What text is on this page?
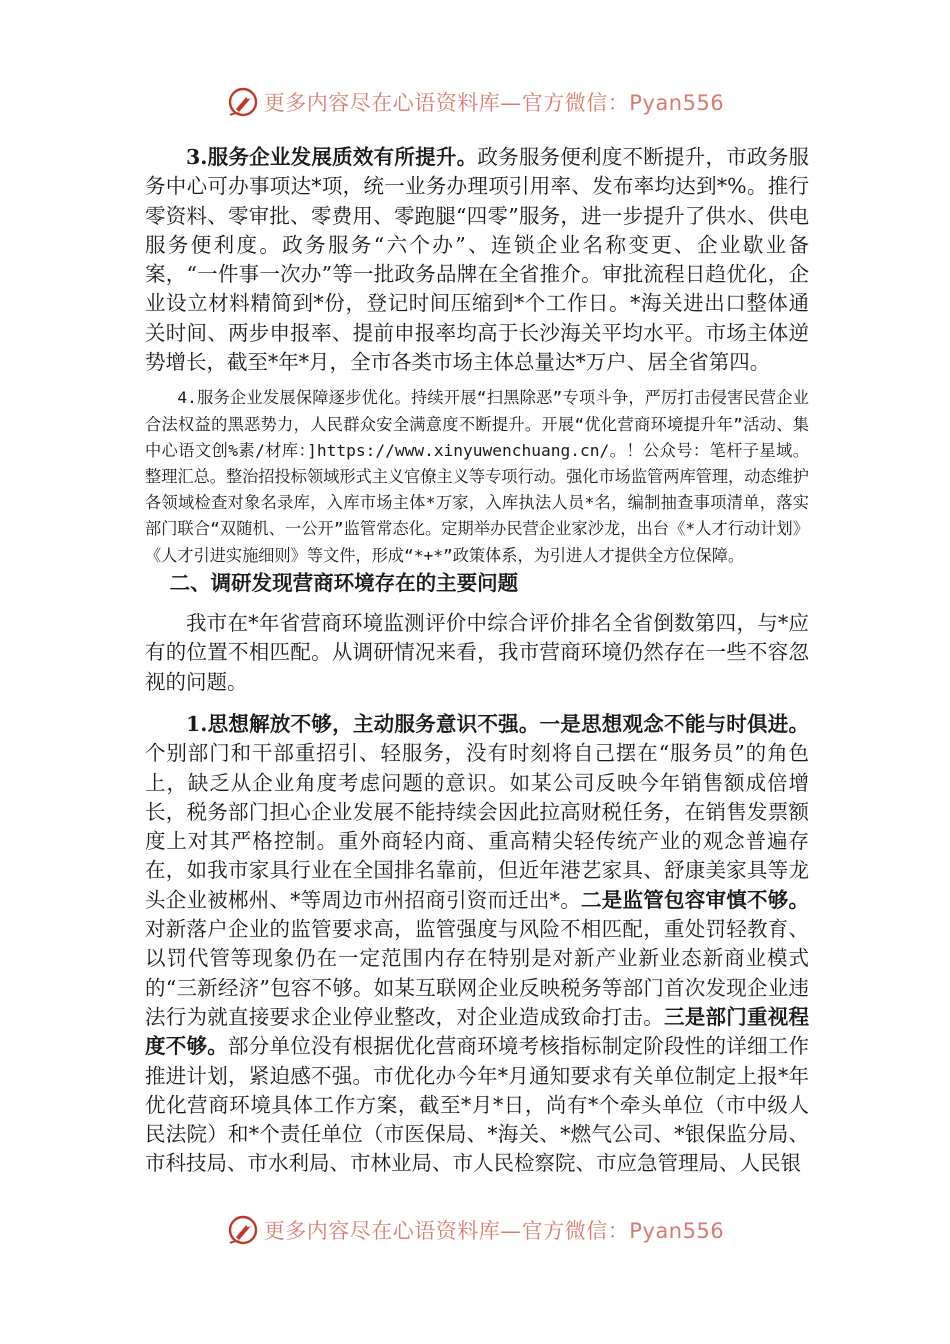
更多内容尽在心语资料库—官方微信：Pyan556

3.服务企业发展质效有所提升。政务服务便利度不断提升，市政务服务中心可办事项达*项，统一业务办理项引用率、发布率均达到*%。推行零资料、零审批、零费用、零跑腿“四零”服务，进一步提升了供水、供电服务便利度。政务服务“六个办”、连锁企业名称变更、企业歇业备案，“一件事一次办”等一批政务品牌在全省推介。审批流程日趋优化，企业设立材料精简到*份，登记时间压缩到*个工作日。*海关进出口整体通关时间、两步申报率、提前申报率均高于长沙海关平均水平。市场主体逆势增长，截至*年*月，全市各类市场主体总量达*万户、居全省第四。

4.服务企业发展保障逐步优化。持续开展“扫黑除恶”专项斗争，严厉打击侵害民营企业合法权益的黑恶势力，人民群众安全满意度不断提升。开展“优化营商环境提升年”活动、集中心语文创%素/材库：]https://www.xinyuwenchuang.cn/。！公众号：笔杆子星域。整理汇总。整治招投标领域形式主义官僚主义等专项行动。强化市场监管两库管理，动态维护各领域检查对象名录库，入库市场主体*万家，入库执法人员*名，编制抽查事项清单，落实部门联合“双随机、一公开”监管常态化。定期举办民营企业家沙龙，出台《*人才行动计划》《人才引进实施细则》等文件，形成“*+*”政策体系，为引进人才提供全方位保障。

二、调研发现营商环境存在的主要问题

我市在*年省营商环境监测评价中综合评价排名全省倒数第四，与*应有的位置不相匹配。从调研情况来看，我市营商环境仍然存在一些不容忽视的问题。

1.思想解放不够，主动服务意识不强。一是思想观念不能与时俱进。个别部门和干部重招引、轻服务，没有时刻将自己摆在“服务员”的角色上，缺乏从企业角度考虑问题的意识。如某公司反映今年销售额成倍增长，税务部门担心企业发展不能持续会因此拉高财税任务，在销售发票额度上对其严格控制。重外商轻内商、重高精尖轻传统产业的观念普遍存在，如我市家具行业在全国排名靠前，但近年港艺家具、舒康美家具等龙头企业被郴州、*等周边市州招商引资而迁出*。二是监管包容审慎不够。对新落户企业的监管要求高，监管强度与风险不相匹配，重处罚轻教育、以罚代管等现象仍在一定范围内存在特别是对新产业新业态新商业模式的“三新经济”包容不够。如某互联网企业反映税务等部门首次发现企业违法行为就直接要求企业停业整改，对企业造成致命打击。三是部门重视程度不够。部分单位没有根据优化营商环境考核指标制定阶段性的详细工作推进计划，紧迫感不强。市优化办今年*月通知要求有关单位制定上报*年优化营商环境具体工作方案，截至*月*日，尚有*个牵头单位（市中级人民法院）和*个责任单位（市医保局、*海关、*燃气公司、*银保监分局、市科技局、市水利局、市林业局、市人民检察院、市应急管理局、人民银

更多内容尽在心语资料库—官方微信：Pyan556
